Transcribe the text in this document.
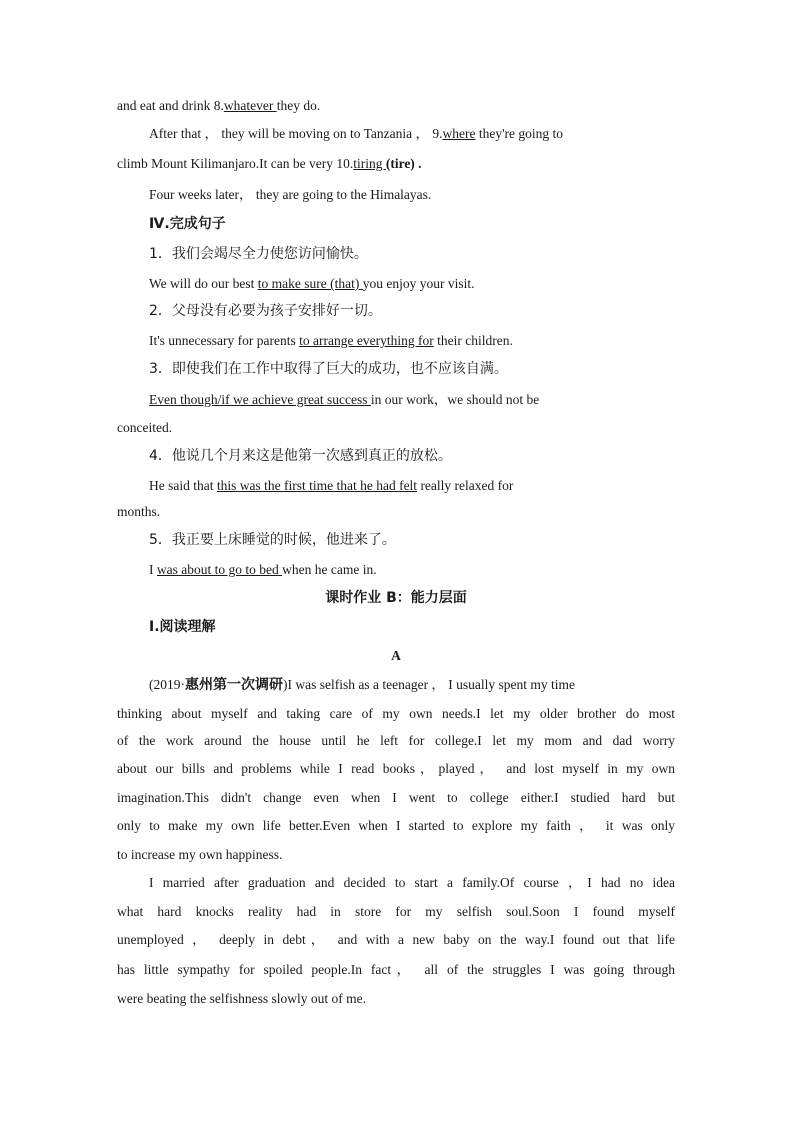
and eat and drink 8.whatever they do.
After that ， they will be moving on to Tanzania ， 9.where they're going to
climb Mount Kilimanjaro.It can be very 10.tiring (tire) .
Four weeks later， they are going to the Himalayas.
Ⅳ.完成句子
1．我们会竭尽全力使您访问愉快。
We will do our best to make sure (that) you enjoy your visit.
2．父母没有必要为孩子安排好一切。
It's unnecessary for parents to arrange everything for their children.
3．即使我们在工作中取得了巨大的成功，也不应该自满。
Even though/if we achieve great success in our work，we should not be
conceited.
4．他说几个月来这是他第一次感到真正的放松。
He said that this was the first time that he had felt really relaxed for
months.
5．我正要上床睡觉的时候，他进来了。
I was about to go to bed when he came in.
课时作业 B：能力层面
Ⅰ.阅读理解
A
(2019·惠州第一次调研)I was selfish as a teenager ， I usually spent my time
thinking about myself and taking care of my own needs.I let my older brother do most
of the work around the house until he left for college.I let my mom and dad worry
about our bills and problems while I read books，played， and lost myself in my own
imagination.This didn't change even when I went to college either.I studied hard but
only to make my own life better.Even when I started to explore my faith ， it was only
to increase my own happiness.
I married after graduation and decided to start a family.Of course ，I had no idea
what hard knocks reality had in store for my selfish soul.Soon I found myself
unemployed ， deeply in debt， and with a new baby on the way.I found out that life
has little sympathy for spoiled people.In fact， all of the struggles I was going through
were beating the selfishness slowly out of me.
